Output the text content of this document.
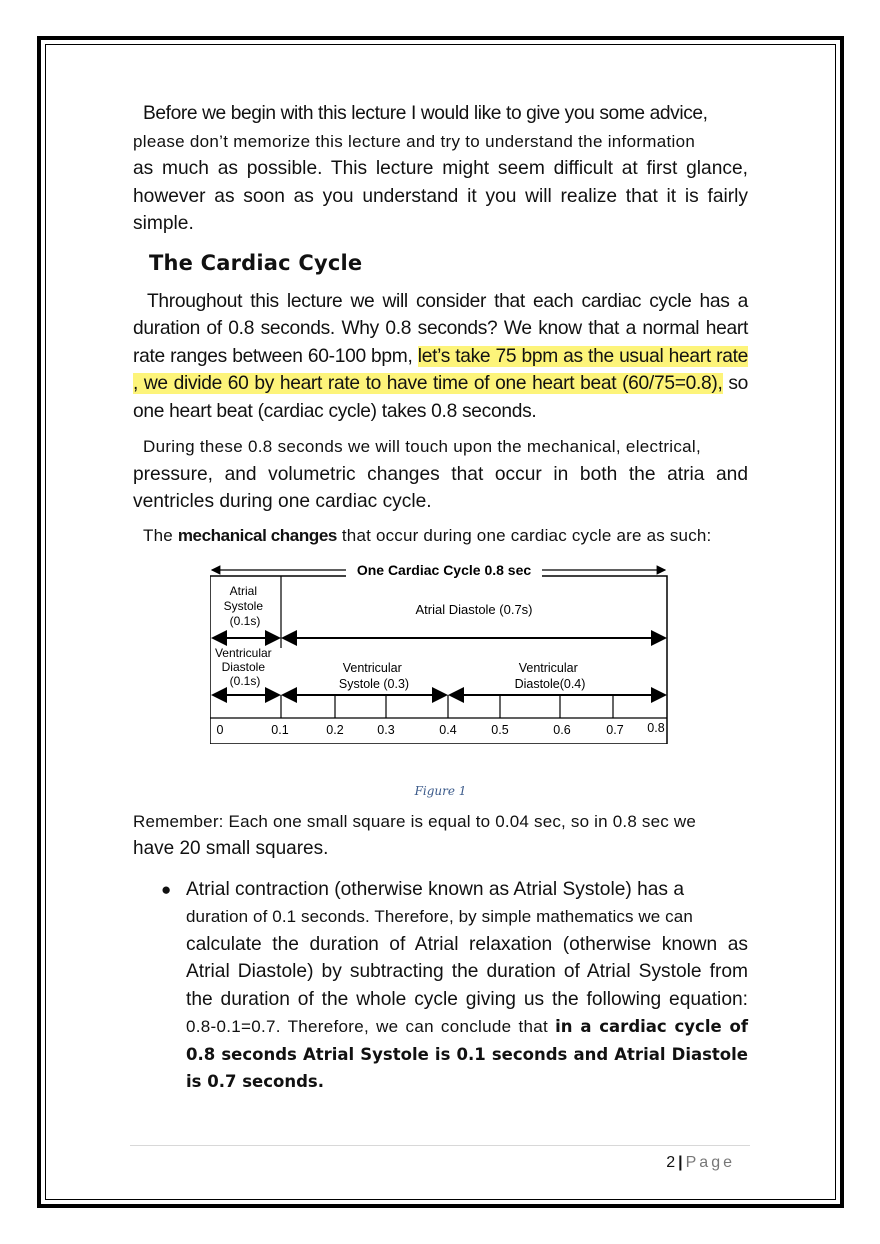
Before we begin with this lecture I would like to give you some advice,
please don’t memorize this lecture and try to understand the information
as much as possible. This lecture might seem difficult at first glance, however as soon as you understand it you will realize that it is fairly simple.

The Cardiac Cycle

Throughout this lecture we will consider that each cardiac cycle has a duration of 0.8 seconds. Why 0.8 seconds? We know that a normal heart rate ranges between 60-100 bpm, let’s take 75 bpm as the usual heart rate , we divide 60 by heart rate to have time of one heart beat (60/75=0.8), so one heart beat (cardiac cycle) takes 0.8 seconds.

During these 0.8 seconds we will touch upon the mechanical, electrical,
pressure, and volumetric changes that occur in both the atria and ventricles during one cardiac cycle.

The mechanical changes that occur during one cardiac cycle are as such:

One Cardiac Cycle 0.8 sec
Atrial Systole (0.1s)
Atrial Diastole (0.7s)
Ventricular Diastole (0.1s)
Ventricular Systole (0.3)
Ventricular Diastole(0.4)
0	0.1	0.2	0.3	0.4	0.5	0.6	0.7 0.8
Figure 1

Remember: Each one small square is equal to 0.04 sec, so in 0.8 sec we
have 20 small squares.

● Atrial contraction (otherwise known as Atrial Systole) has a
duration of 0.1 seconds. Therefore, by simple mathematics we can
calculate the duration of Atrial relaxation (otherwise known as Atrial Diastole) by subtracting the duration of Atrial Systole from the duration of the whole cycle giving us the following equation: 0.8-0.1=0.7. Therefore, we can conclude that in a cardiac cycle of 0.8 seconds Atrial Systole is 0.1 seconds and Atrial Diastole is 0.7 seconds.
2 | Page
